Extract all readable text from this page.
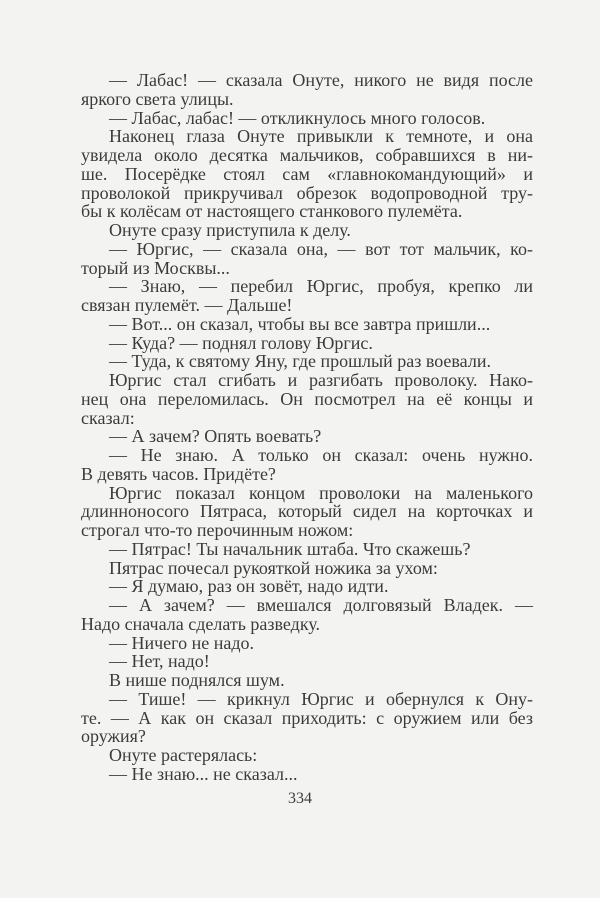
— Лабас! — сказала Онуте, никого не видя после
яркого света улицы.
— Лабас, лабас! — откликнулось много голосов.
Наконец глаза Онуте привыкли к темноте, и она
увидела около десятка мальчиков, собравшихся в ни-
ше. Посерёдке стоял сам «главнокомандующий» и
проволокой прикручивал обрезок водопроводной тру-
бы к колёсам от настоящего станкового пулемёта.
Онуте сразу приступила к делу.
— Юргис, — сказала она, — вот тот мальчик, ко-
торый из Москвы...
— Знаю, — перебил Юргис, пробуя, крепко ли
связан пулемёт. — Дальше!
— Вот... он сказал, чтобы вы все завтра пришли...
— Куда? — поднял голову Юргис.
— Туда, к святому Яну, где прошлый раз воевали.
Юргис стал сгибать и разгибать проволоку. Нако-
нец она переломилась. Он посмотрел на её концы и
сказал:
— А зачем? Опять воевать?
— Не знаю. А только он сказал: очень нужно.
В девять часов. Придёте?
Юргис показал концом проволоки на маленького
длинноносого Пятраса, который сидел на корточках и
строгал что-то перочинным ножом:
— Пятрас! Ты начальник штаба. Что скажешь?
Пятрас почесал рукояткой ножика за ухом:
— Я думаю, раз он зовёт, надо идти.
— А зачем? — вмешался долговязый Владек. —
Надо сначала сделать разведку.
— Ничего не надо.
— Нет, надо!
В нише поднялся шум.
— Тише! — крикнул Юргис и обернулся к Ону-
те. — А как он сказал приходить: с оружием или без
оружия?
Онуте растерялась:
— Не знаю... не сказал...
334
